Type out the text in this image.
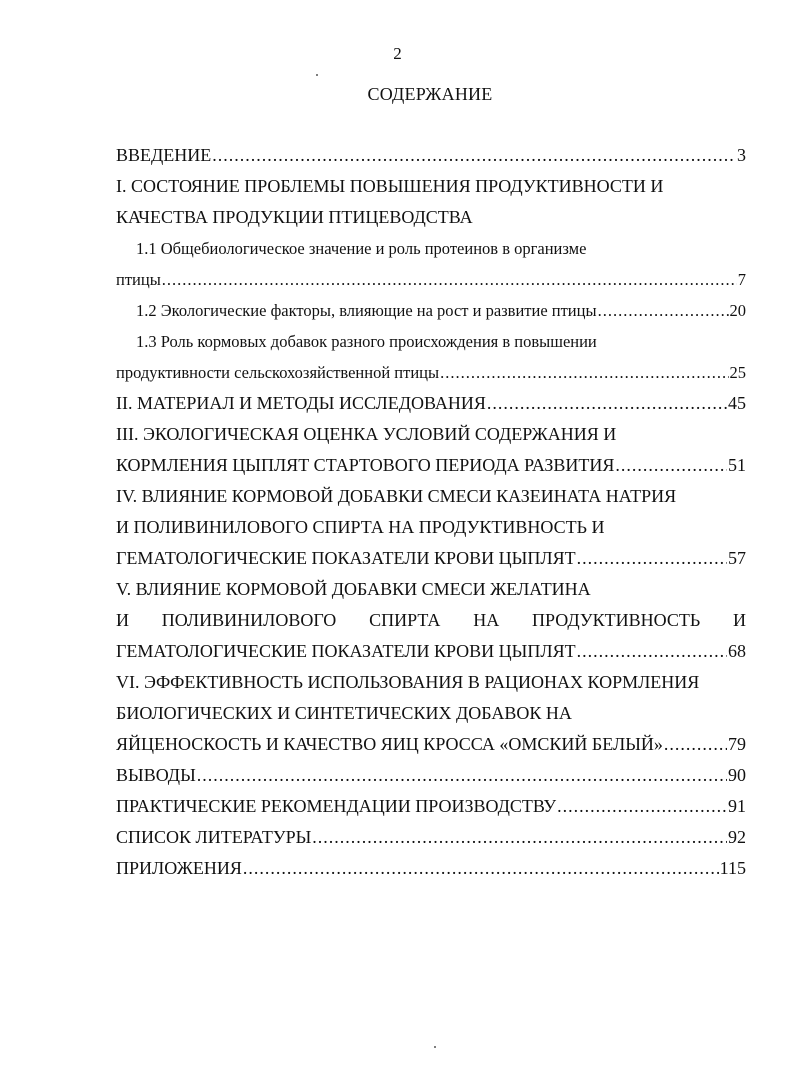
2
СОДЕРЖАНИЕ
ВВЕДЕНИЕ .....	3
I. СОСТОЯНИЕ ПРОБЛЕМЫ ПОВЫШЕНИЯ ПРОДУКТИВНОСТИ И
КАЧЕСТВА ПРОДУКЦИИ ПТИЦЕВОДСТВА
1.1 Общебиологическое значение и роль протеинов в организме
птицы .....	7
1.2 Экологические факторы, влияющие на рост и развитие птицы .....	20
1.3 Роль кормовых добавок разного происхождения в повышении
продуктивности сельскохозяйственной птицы .....	25
II. МАТЕРИАЛ И МЕТОДЫ ИССЛЕДОВАНИЯ .....	45
III. ЭКОЛОГИЧЕСКАЯ ОЦЕНКА УСЛОВИЙ СОДЕРЖАНИЯ И
КОРМЛЕНИЯ ЦЫПЛЯТ СТАРТОВОГО ПЕРИОДА РАЗВИТИЯ .....	51
IV. ВЛИЯНИЕ КОРМОВОЙ ДОБАВКИ СМЕСИ КАЗЕИНАТА НАТРИЯ
И ПОЛИВИНИЛОВОГО СПИРТА НА ПРОДУКТИВНОСТЬ И
ГЕМАТОЛОГИЧЕСКИЕ ПОКАЗАТЕЛИ КРОВИ ЦЫПЛЯТ .....	57
V. ВЛИЯНИЕ КОРМОВОЙ ДОБАВКИ СМЕСИ ЖЕЛАТИНА
И ПОЛИВИНИЛОВОГО СПИРТА НА ПРОДУКТИВНОСТЬ И
ГЕМАТОЛОГИЧЕСКИЕ ПОКАЗАТЕЛИ КРОВИ ЦЫПЛЯТ .....	68
VI. ЭФФЕКТИВНОСТЬ ИСПОЛЬЗОВАНИЯ В РАЦИОНАХ КОРМЛЕНИЯ
БИОЛОГИЧЕСКИХ И СИНТЕТИЧЕСКИХ ДОБАВОК НА
ЯЙЦЕНОСКОСТЬ И КАЧЕСТВО ЯИЦ КРОССА «ОМСКИЙ БЕЛЫЙ» .....	79
ВЫВОДЫ .....	90
ПРАКТИЧЕСКИЕ РЕКОМЕНДАЦИИ ПРОИЗВОДСТВУ .....	91
СПИСОК ЛИТЕРАТУРЫ .....	92
ПРИЛОЖЕНИЯ .....	115
